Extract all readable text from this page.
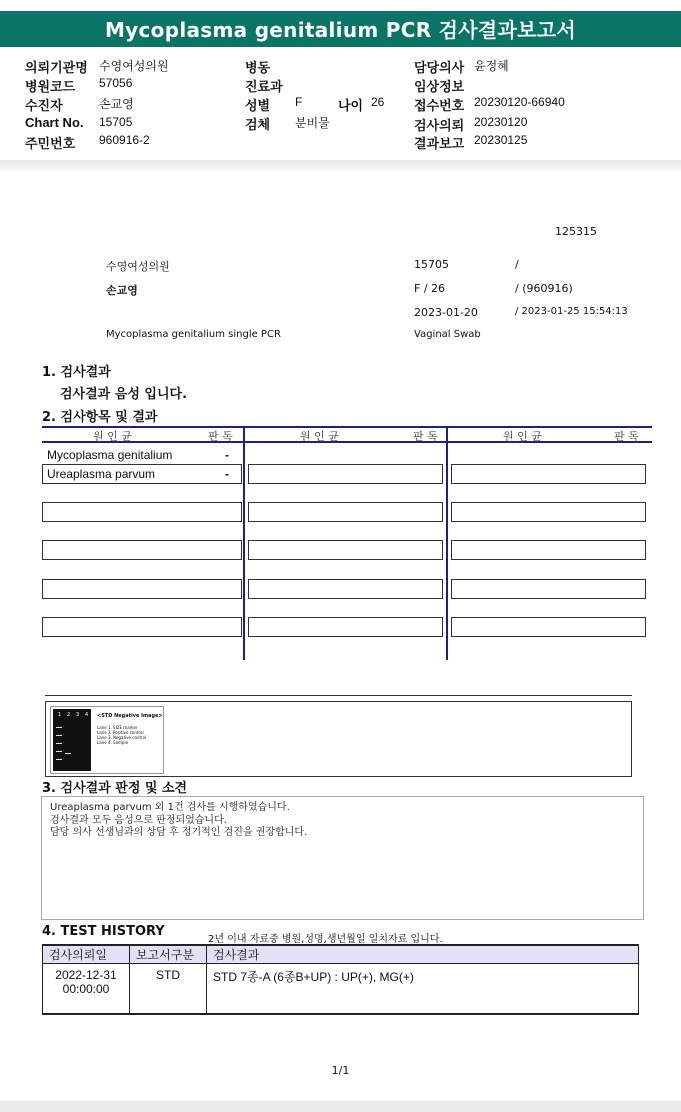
Mycoplasma genitalium PCR 검사결과보고서
의뢰기관명 수영여성의원
병원코드 57056
수진자	손교영
Chart No. 15705
주민번호 960916-2
병동
진료과
성별 F	나이 26
검체 분비물
담당의사 윤정혜
임상정보
접수번호 20230120-66940
검사의뢰 20230120
결과보고 20230125
125315
수영여성의원	15705	/
손교영	F / 26	/ (960916)
2023-01-20	/ 2023-01-25 15:54:13
Mycoplasma genitalium single PCR	Vaginal Swab
1. 검사결과
검사결과 음성 입니다.
2. 검사항목 및 결과
원 인 균	판 독	원 인 균	판 독	원 인 균	판 독
Mycoplasma genitalium	-
Ureaplasma parvum	-
1 2 3 4 <STD Negative Image>
Lane 1. SIZE marker
Lane 2. Positive control
Lane 3. Negative control
Lane 4. Sample
3. 검사결과 판정 및 소견
Ureaplasma parvum 외 1건 검사를 시행하였습니다.
검사결과 모두 음성으로 판정되었습니다.
담당 의사 선생님과의 상담 후 정기적인 검진을 권장합니다.
4. TEST HISTORY
2년 이내 자료중 병원,성명,생년월일 일치자료 입니다.
검사의뢰일	보고서구분	검사결과

2022-12-31
00:00:00	STD	STD 7종-A (6종B+UP) : UP(+), MG(+)
1/1
